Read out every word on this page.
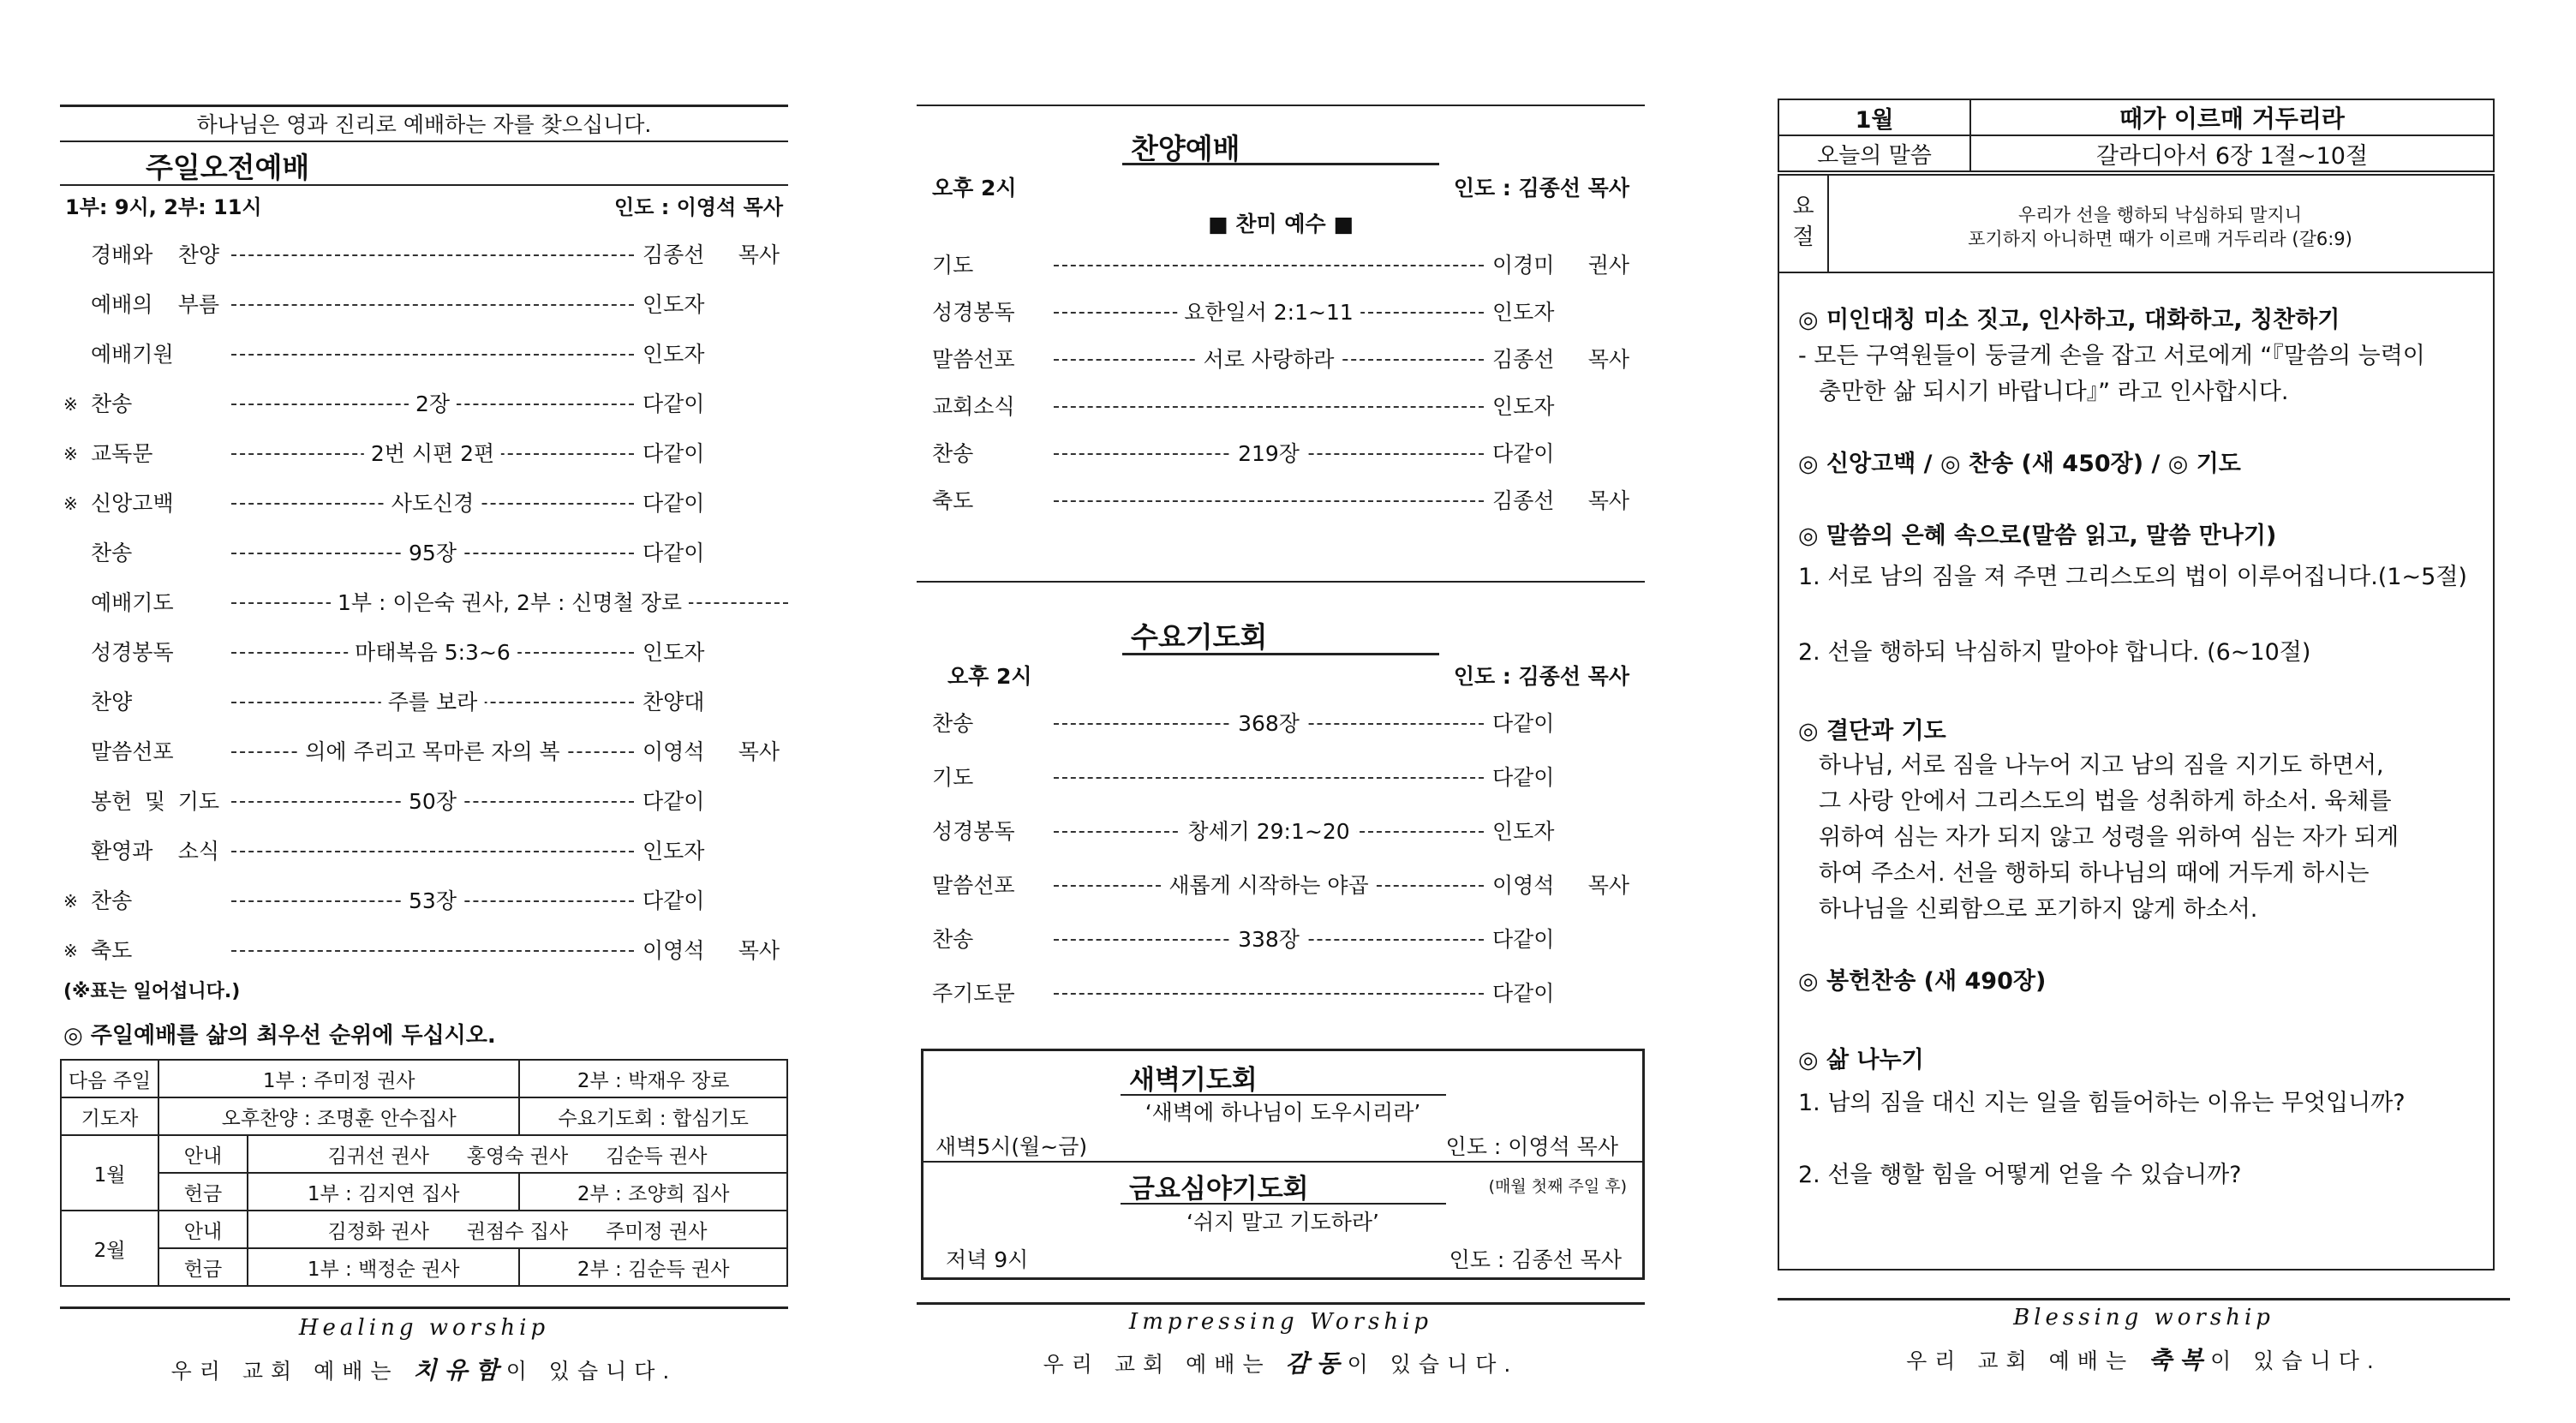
하나님은 영과 진리로 예배하는 자를 찾으십니다.
주일오전예배
1부: 9시, 2부: 11시	인도 : 이영석 목사
경배와 찬양	김종선 목사
예배의 부름	인도자
예배기원	인도자
※ 찬송	2장	다같이
※ 교독문	2번 시편 2편	다같이
※ 신앙고백	사도신경	다같이
찬송	95장	다같이
예배기도	1부 : 이은숙 권사, 2부 : 신명철 장로
성경봉독	마태복음 5:3~6	인도자
찬양	주를 보라	찬양대
말씀선포	의에 주리고 목마른 자의 복	이영석 목사
봉헌 및 기도	50장	다같이
환영과 소식	인도자
※ 찬송	53장	다같이
※ 축도	이영석 목사
(※표는 일어섭니다.)
◎ 주일예배를 삶의 최우선 순위에 두십시오.
다음 주일	1부 : 주미정 권사		2부 : 박재우 장로
기도자	오후찬양 : 조명훈 안수집사		수요기도회 : 합심기도
1월	안내	김귀선 권사      홍영숙 권사      김순득 권사	
	헌금	1부 : 김지연 집사	2부 : 조양희 집사
2월	안내	김정화 권사      권점수 집사      주미정 권사	
	헌금	1부 : 백정순 권사	2부 : 김순득 권사
Healing worship
우리 교회 예배는 치유함이 있습니다.
찬양예배
오후 2시	인도 : 김종선 목사
■ 찬미 예수 ■
기도	이경미 권사
성경봉독	요한일서 2:1~11	인도자
말씀선포	서로 사랑하라	김종선 목사
교회소식	인도자
찬송	219장	다같이
축도	김종선 목사
수요기도회
오후 2시	인도 : 김종선 목사
찬송	368장	다같이
기도	다같이
성경봉독	창세기 29:1~20	인도자
말씀선포	새롭게 시작하는 야곱	이영석 목사
찬송	338장	다같이
주기도문	다같이
새벽기도회
‘새벽에 하나님이 도우시리라’
새벽5시(월~금)	인도 : 이영석 목사
금요심야기도회	(매월 첫째 주일 후)
‘쉬지 말고 기도하라’
저녁 9시	인도 : 김종선 목사
Impressing Worship
우리 교회 예배는 감동이 있습니다.
1월	때가 이르매 거두리라
오늘의 말씀	갈라디아서 6장 1절~10절
요절
우리가 선을 행하되 낙심하되 말지니
포기하지 아니하면 때가 이르매 거두리라 (갈6:9)
◎ 미인대칭 미소 짓고, 인사하고, 대화하고, 칭찬하기
- 모든 구역원들이 둥글게 손을 잡고 서로에게 “『말씀의 능력이
충만한 삶 되시기 바랍니다』” 라고 인사합시다.
◎ 신앙고백 / ◎ 찬송 (새 450장) / ◎ 기도
◎ 말씀의 은혜 속으로(말씀 읽고, 말씀 만나기)
1. 서로 남의 짐을 져 주면 그리스도의 법이 이루어집니다.(1~5절)
2. 선을 행하되 낙심하지 말아야 합니다. (6~10절)
◎ 결단과 기도
하나님, 서로 짐을 나누어 지고 남의 짐을 지기도 하면서,
그 사랑 안에서 그리스도의 법을 성취하게 하소서. 육체를
위하여 심는 자가 되지 않고 성령을 위하여 심는 자가 되게
하여 주소서. 선을 행하되 하나님의 때에 거두게 하시는
하나님을 신뢰함으로 포기하지 않게 하소서.
◎ 봉헌찬송 (새 490장)
◎ 삶 나누기
1. 남의 짐을 대신 지는 일을 힘들어하는 이유는 무엇입니까?
2. 선을 행할 힘을 어떻게 얻을 수 있습니까?
Blessing worship
우리 교회 예배는 축복이 있습니다.
